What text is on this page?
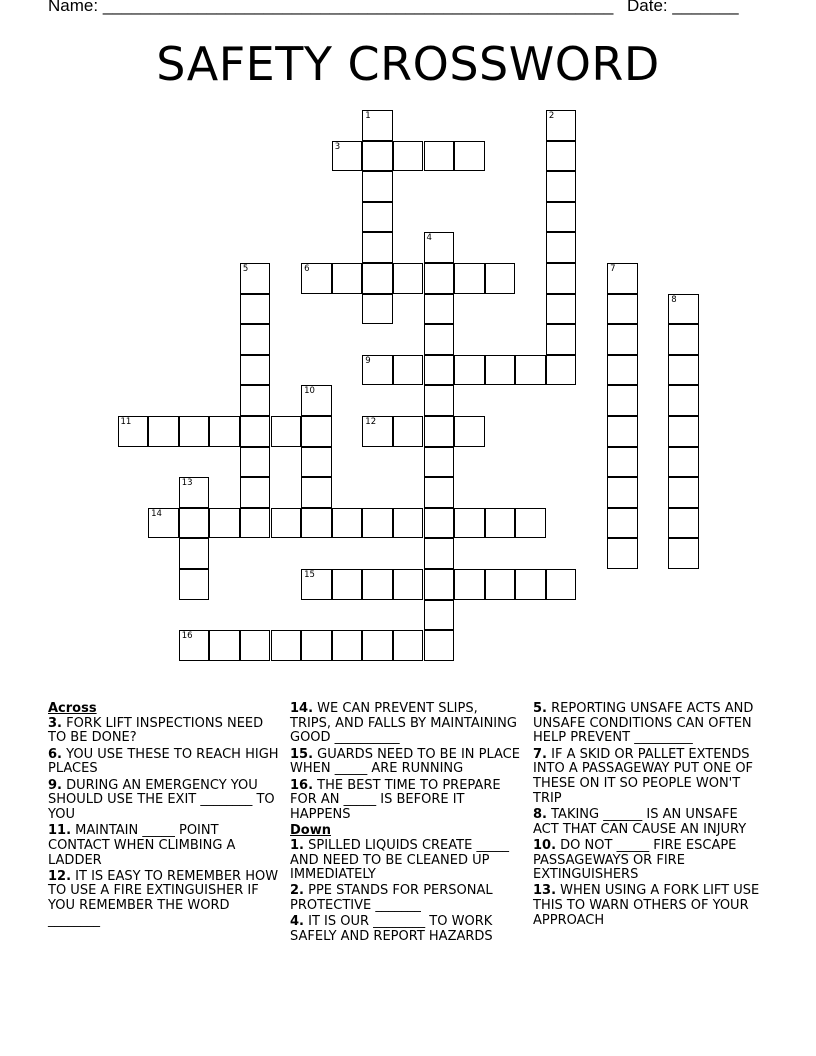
Name: ______________________________________________________ Date: _______
SAFETY CROSSWORD
1	2
3
4
5	6	7
8
9
10
11	12
13
14
15
16
Across
3. FORK LIFT INSPECTIONS NEED TO BE DONE?
6. YOU USE THESE TO REACH HIGH PLACES
9. DURING AN EMERGENCY YOU SHOULD USE THE EXIT ________ TO YOU
11. MAINTAIN _____ POINT CONTACT WHEN CLIMBING A LADDER
12. IT IS EASY TO REMEMBER HOW TO USE A FIRE EXTINGUISHER IF YOU REMEMBER THE WORD ________
14. WE CAN PREVENT SLIPS, TRIPS, AND FALLS BY MAINTAINING GOOD __________
15. GUARDS NEED TO BE IN PLACE WHEN _____ ARE RUNNING
16. THE BEST TIME TO PREPARE FOR AN _____ IS BEFORE IT HAPPENS
Down
1. SPILLED LIQUIDS CREATE _____ AND NEED TO BE CLEANED UP IMMEDIATELY
2. PPE STANDS FOR PERSONAL PROTECTIVE _______
4. IT IS OUR ________ TO WORK SAFELY AND REPORT HAZARDS
5. REPORTING UNSAFE ACTS AND UNSAFE CONDITIONS CAN OFTEN HELP PREVENT _________
7. IF A SKID OR PALLET EXTENDS INTO A PASSAGEWAY PUT ONE OF THESE ON IT SO PEOPLE WON'T TRIP
8. TAKING ______ IS AN UNSAFE ACT THAT CAN CAUSE AN INJURY
10. DO NOT _____ FIRE ESCAPE PASSAGEWAYS OR FIRE EXTINGUISHERS
13. WHEN USING A FORK LIFT USE THIS TO WARN OTHERS OF YOUR APPROACH
